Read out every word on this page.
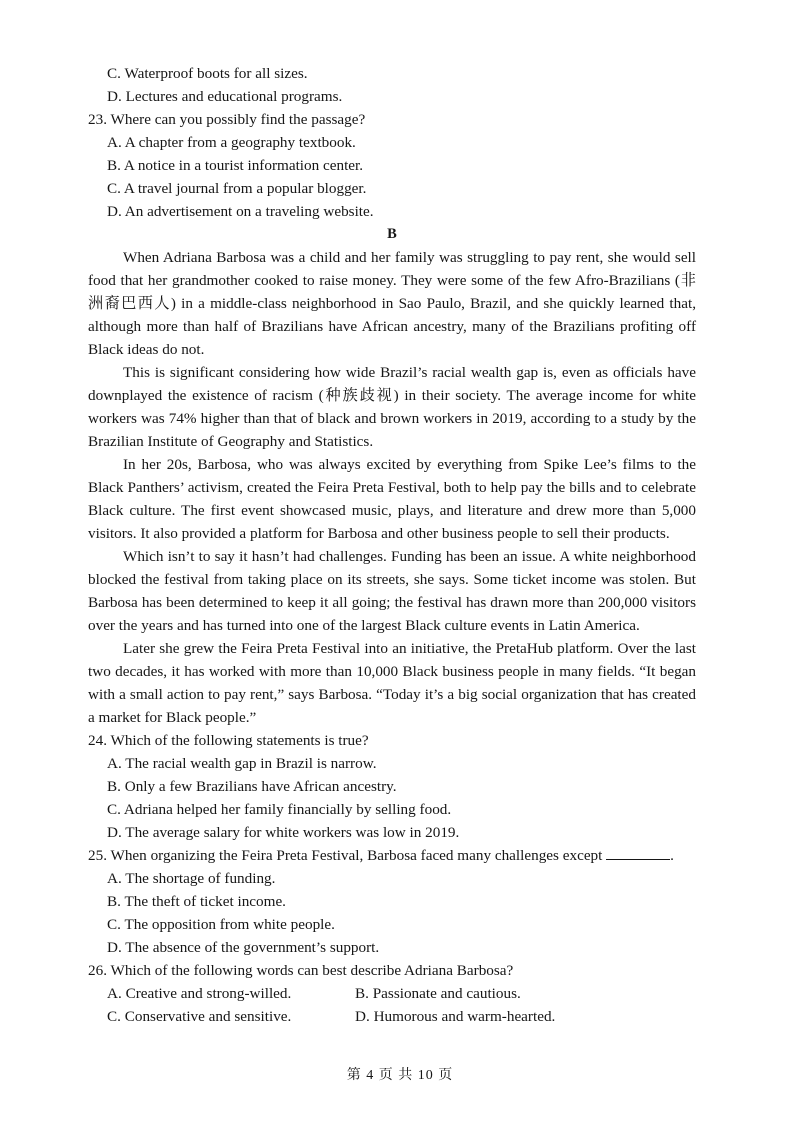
C. Waterproof boots for all sizes.
D. Lectures and educational programs.
23. Where can you possibly find the passage?
A. A chapter from a geography textbook.
B. A notice in a tourist information center.
C. A travel journal from a popular blogger.
D. An advertisement on a traveling website.
B

When Adriana Barbosa was a child and her family was struggling to pay rent, she would sell food that her grandmother cooked to raise money. They were some of the few Afro-Brazilians (非洲裔巴西人) in a middle-class neighborhood in Sao Paulo, Brazil, and she quickly learned that, although more than half of Brazilians have African ancestry, many of the Brazilians profiting off Black ideas do not.

This is significant considering how wide Brazil’s racial wealth gap is, even as officials have downplayed the existence of racism (种族歧视) in their society. The average income for white workers was 74% higher than that of black and brown workers in 2019, according to a study by the Brazilian Institute of Geography and Statistics.

In her 20s, Barbosa, who was always excited by everything from Spike Lee’s films to the Black Panthers’ activism, created the Feira Preta Festival, both to help pay the bills and to celebrate Black culture. The first event showcased music, plays, and literature and drew more than 5,000 visitors. It also provided a platform for Barbosa and other business people to sell their products.

Which isn’t to say it hasn’t had challenges. Funding has been an issue. A white neighborhood blocked the festival from taking place on its streets, she says. Some ticket income was stolen. But Barbosa has been determined to keep it all going; the festival has drawn more than 200,000 visitors over the years and has turned into one of the largest Black culture events in Latin America.

Later she grew the Feira Preta Festival into an initiative, the PretaHub platform. Over the last two decades, it has worked with more than 10,000 Black business people in many fields. “It began with a small action to pay rent,” says Barbosa. “Today it’s a big social organization that has created a market for Black people.”

24. Which of the following statements is true?
A. The racial wealth gap in Brazil is narrow.
B. Only a few Brazilians have African ancestry.
C. Adriana helped her family financially by selling food.
D. The average salary for white workers was low in 2019.
25. When organizing the Feira Preta Festival, Barbosa faced many challenges except	.
A. The shortage of funding.
B. The theft of ticket income.
C. The opposition from white people.
D. The absence of the government’s support.
26. Which of the following words can best describe Adriana Barbosa?
A. Creative and strong-willed.	B. Passionate and cautious.
C. Conservative and sensitive.	D. Humorous and warm-hearted.
第 4 页 共 10 页
